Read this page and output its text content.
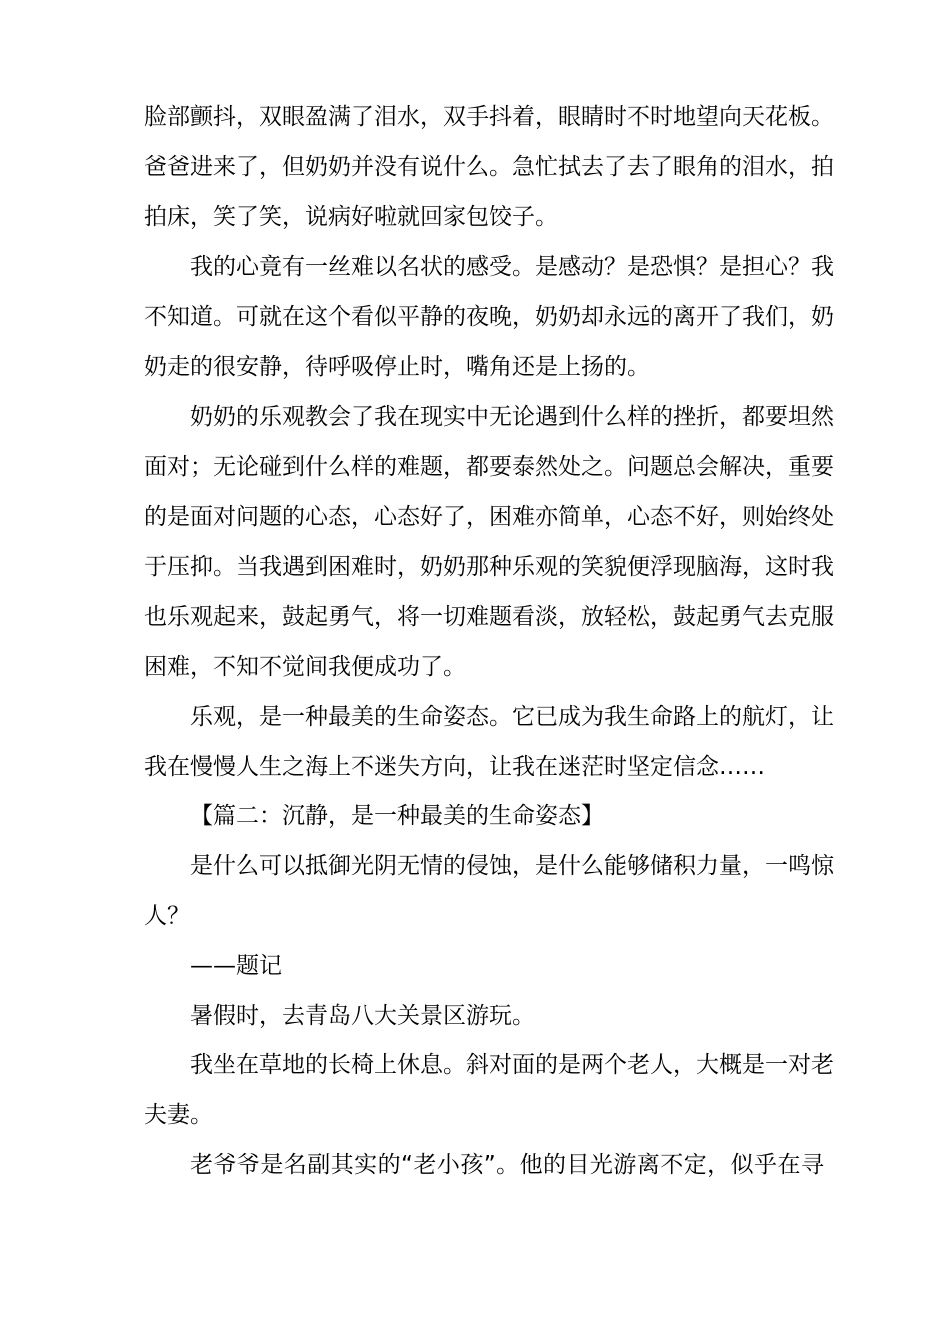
脸部颤抖，双眼盈满了泪水，双手抖着，眼睛时不时地望向天花板。
爸爸进来了，但奶奶并没有说什么。急忙拭去了去了眼角的泪水，拍
拍床，笑了笑，说病好啦就回家包饺子。
我的心竟有一丝难以名状的感受。是感动？是恐惧？是担心？我
不知道。可就在这个看似平静的夜晚，奶奶却永远的离开了我们，奶
奶走的很安静，待呼吸停止时，嘴角还是上扬的。
奶奶的乐观教会了我在现实中无论遇到什么样的挫折，都要坦然
面对；无论碰到什么样的难题，都要泰然处之。问题总会解决，重要
的是面对问题的心态，心态好了，困难亦简单，心态不好，则始终处
于压抑。当我遇到困难时，奶奶那种乐观的笑貌便浮现脑海，这时我
也乐观起来，鼓起勇气，将一切难题看淡，放轻松，鼓起勇气去克服
困难，不知不觉间我便成功了。
乐观，是一种最美的生命姿态。它已成为我生命路上的航灯，让
我在慢慢人生之海上不迷失方向，让我在迷茫时坚定信念……
【篇二：沉静，是一种最美的生命姿态】
是什么可以抵御光阴无情的侵蚀，是什么能够储积力量，一鸣惊
人？
——题记
暑假时，去青岛八大关景区游玩。
我坐在草地的长椅上休息。斜对面的是两个老人，大概是一对老
夫妻。
老爷爷是名副其实的“老小孩”。他的目光游离不定，似乎在寻
